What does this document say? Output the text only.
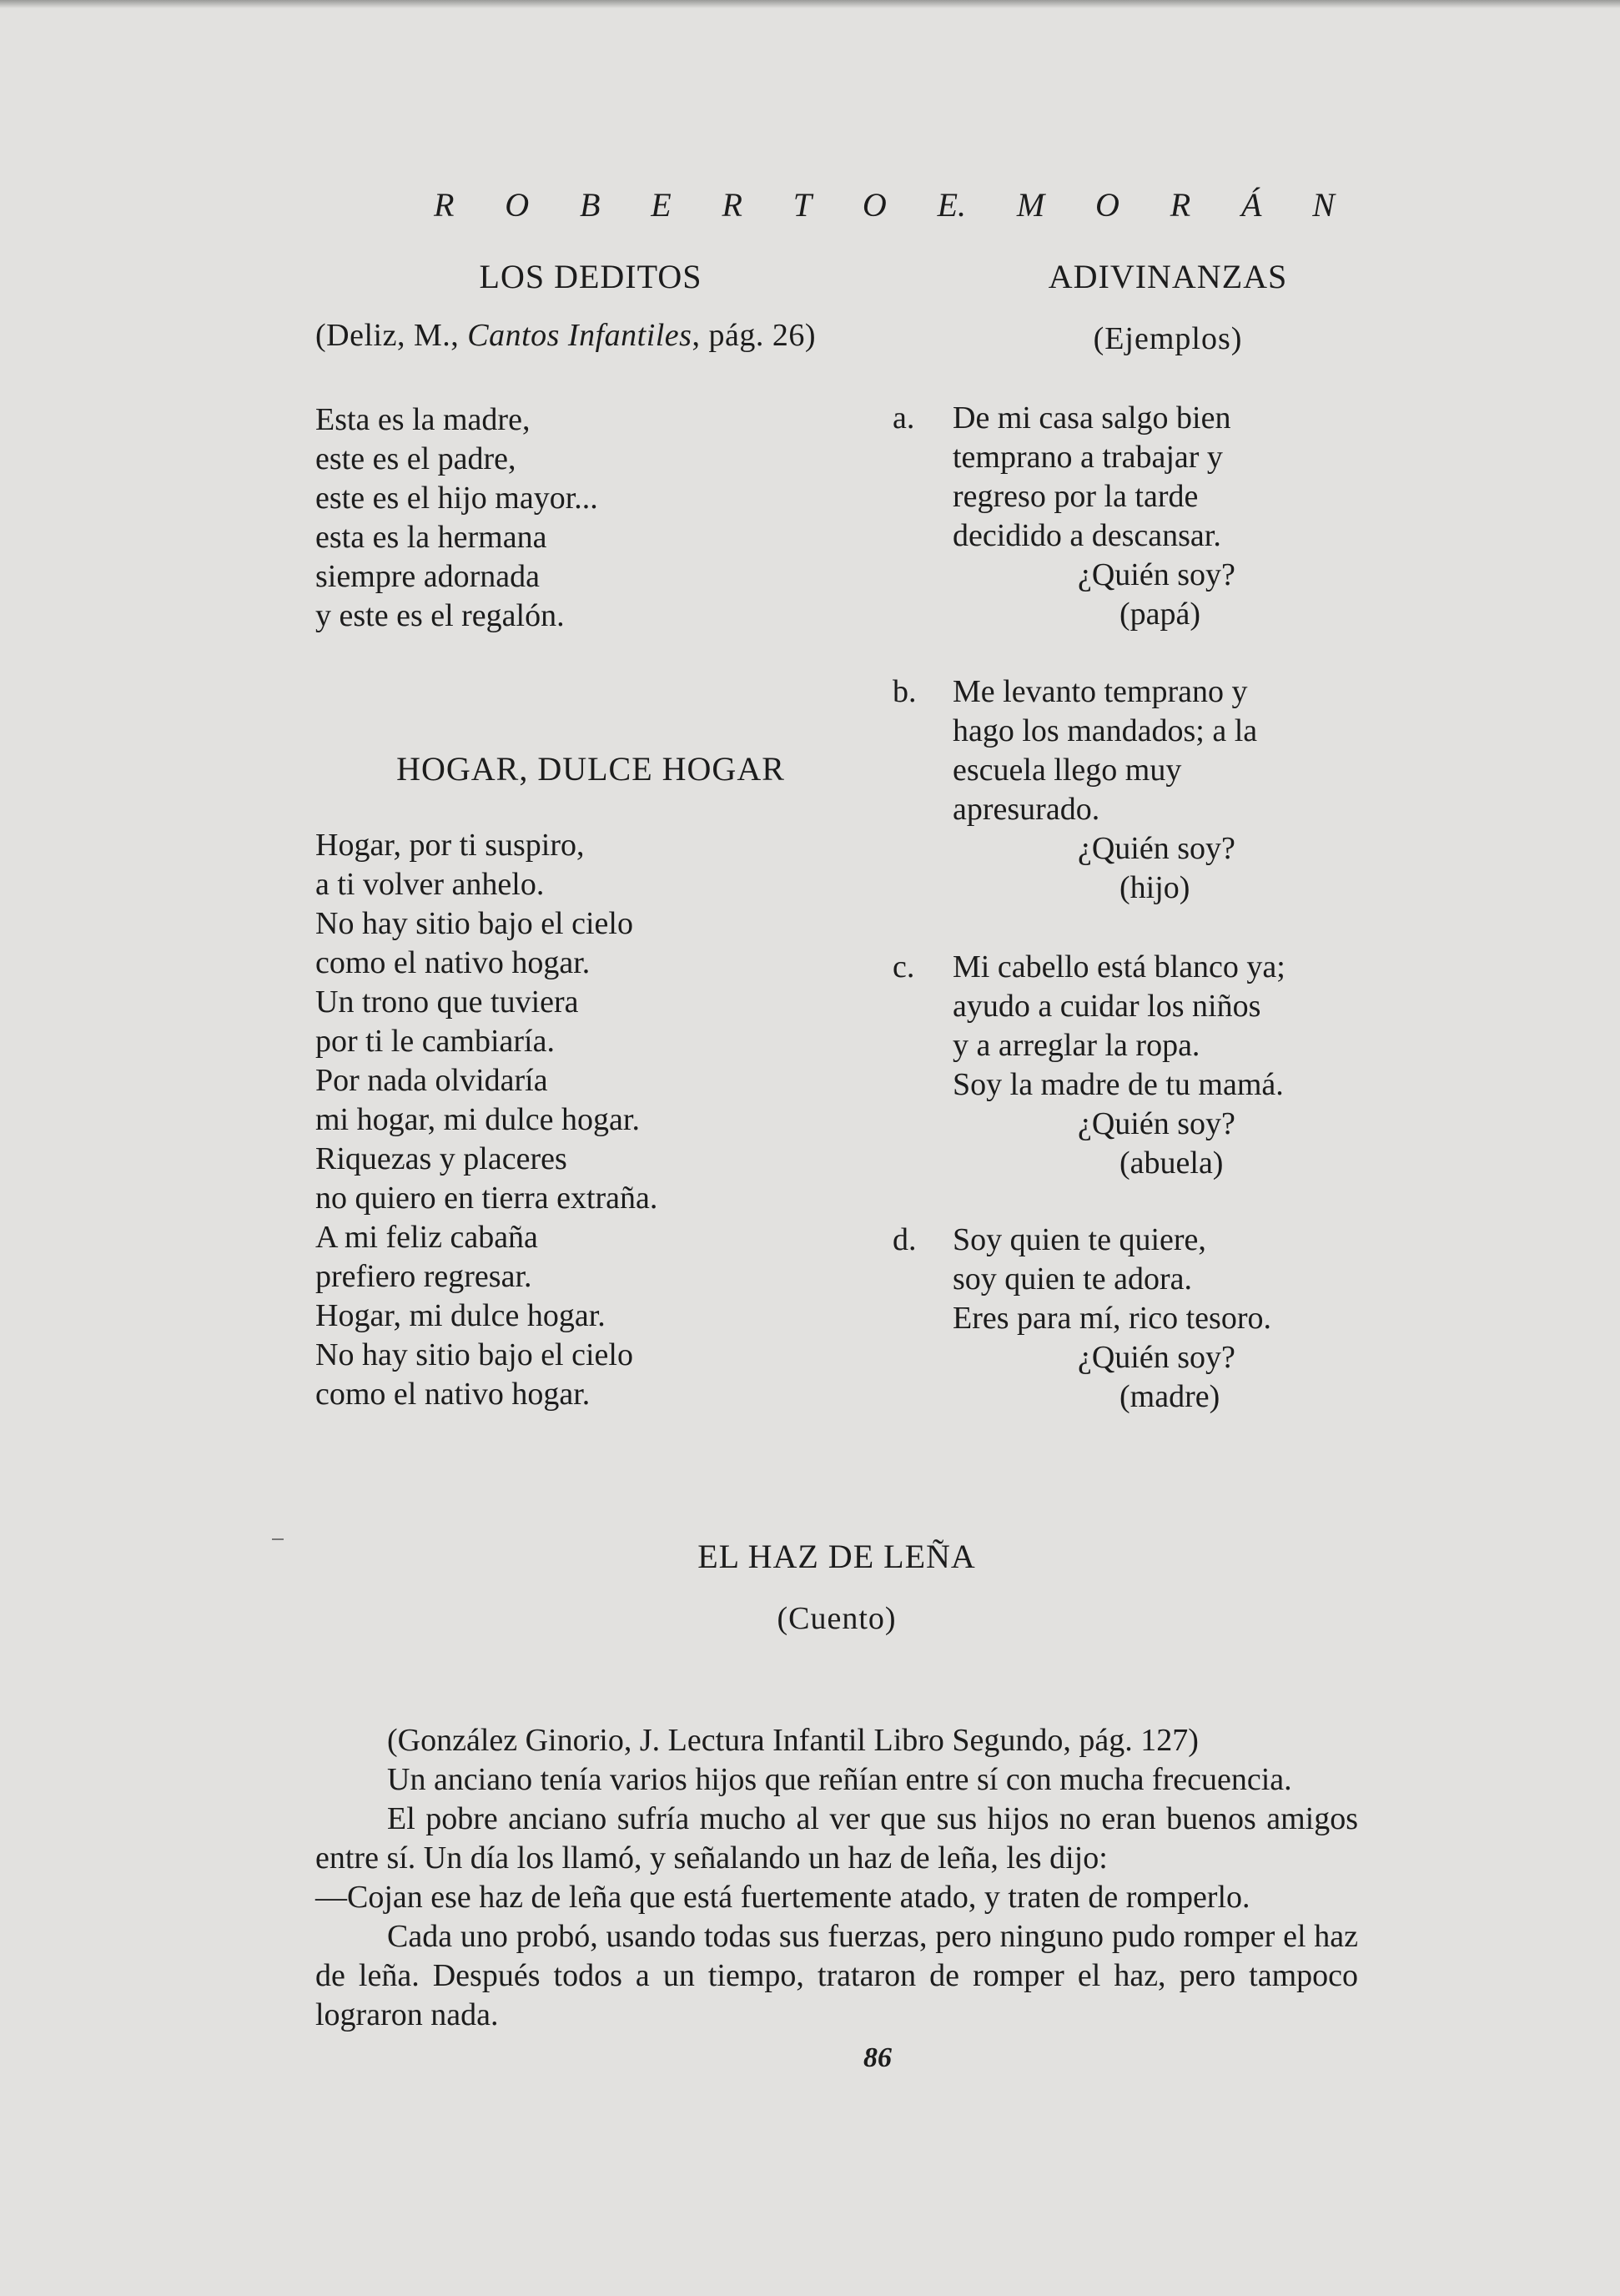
R O B E R T O E. M O R Á N
LOS DEDITOS
(Deliz, M., Cantos Infantiles, pág. 26)
Esta es la madre,
este es el padre,
este es el hijo mayor...
esta es la hermana
siempre adornada
y este es el regalón.
HOGAR, DULCE HOGAR
Hogar, por ti suspiro,
a ti volver anhelo.
No hay sitio bajo el cielo
como el nativo hogar.
Un trono que tuviera
por ti le cambiaría.
Por nada olvidaría
mi hogar, mi dulce hogar.
Riquezas y placeres
no quiero en tierra extraña.
A mi feliz cabaña
prefiero regresar.
Hogar, mi dulce hogar.
No hay sitio bajo el cielo
como el nativo hogar.
ADIVINANZAS
(Ejemplos)
a. De mi casa salgo bien
temprano a trabajar y
regreso por la tarde
decidido a descansar.
¿Quién soy?
(papá)
b. Me levanto temprano y
hago los mandados; a la
escuela llego muy
apresurado.
¿Quién soy?
(hijo)
c. Mi cabello está blanco ya;
ayudo a cuidar los niños
y a arreglar la ropa.
Soy la madre de tu mamá.
¿Quién soy?
(abuela)
d. Soy quien te quiere,
soy quien te adora.
Eres para mí, rico tesoro.
¿Quién soy?
(madre)
EL HAZ DE LEÑA
(Cuento)

(González Ginorio, J. Lectura Infantil Libro Segundo, pág. 127)

Un anciano tenía varios hijos que reñían entre sí con mucha frecuencia.

El pobre anciano sufría mucho al ver que sus hijos no eran buenos amigos entre sí. Un día los llamó, y señalando un haz de leña, les dijo:

—Cojan ese haz de leña que está fuertemente atado, y traten de romperlo.

Cada uno probó, usando todas sus fuerzas, pero ninguno pudo romper el haz de leña. Después todos a un tiempo, trataron de romper el haz, pero tampoco lograron nada.

86
